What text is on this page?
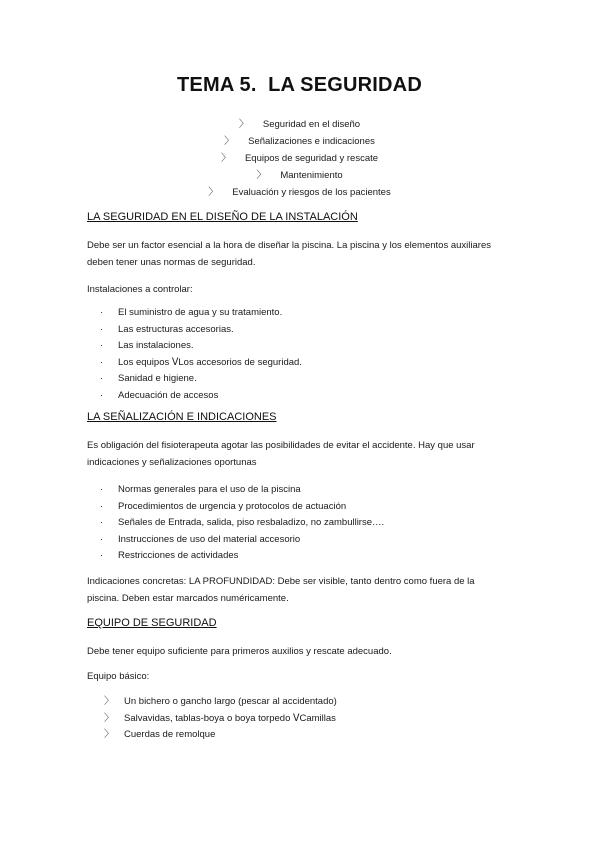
TEMA 5.  LA SEGURIDAD
〉 Seguridad en el diseño
〉 Señalizaciones e indicaciones
〉 Equipos de seguridad y rescate
〉 Mantenimiento
〉 Evaluación y riesgos de los pacientes
LA SEGURIDAD EN EL DISEÑO DE LA INSTALACIÓN
Debe ser un factor esencial a la hora de diseñar la piscina. La piscina y los elementos auxiliares
deben tener unas normas de seguridad.
Instalaciones a controlar:
· El suministro de agua y su tratamiento.
· Las estructuras accesorias.
· Las instalaciones.
· Los equipos ᐯLos accesorios de seguridad.
· Sanidad e higiene.
· Adecuación de accesos
LA SEÑALIZACIÓN E INDICACIONES
Es obligación del fisioterapeuta agotar las posibilidades de evitar el accidente. Hay que usar
indicaciones y señalizaciones oportunas
· Normas generales para el uso de la piscina
· Procedimientos de urgencia y protocolos de actuación
· Señales de Entrada, salida, piso resbaladizo, no zambullirse….
· Instrucciones de uso del material accesorio
· Restricciones de actividades
Indicaciones concretas: LA PROFUNDIDAD: Debe ser visible, tanto dentro como fuera de la
piscina. Deben estar marcados numéricamente.
EQUIPO DE SEGURIDAD
Debe tener equipo suficiente para primeros auxilios y rescate adecuado.
Equipo básico:
〉 Un bichero o gancho largo (pescar al accidentado)
〉 Salvavidas, tablas-boya o boya torpedo ᐯCamillas
〉 Cuerdas de remolque
